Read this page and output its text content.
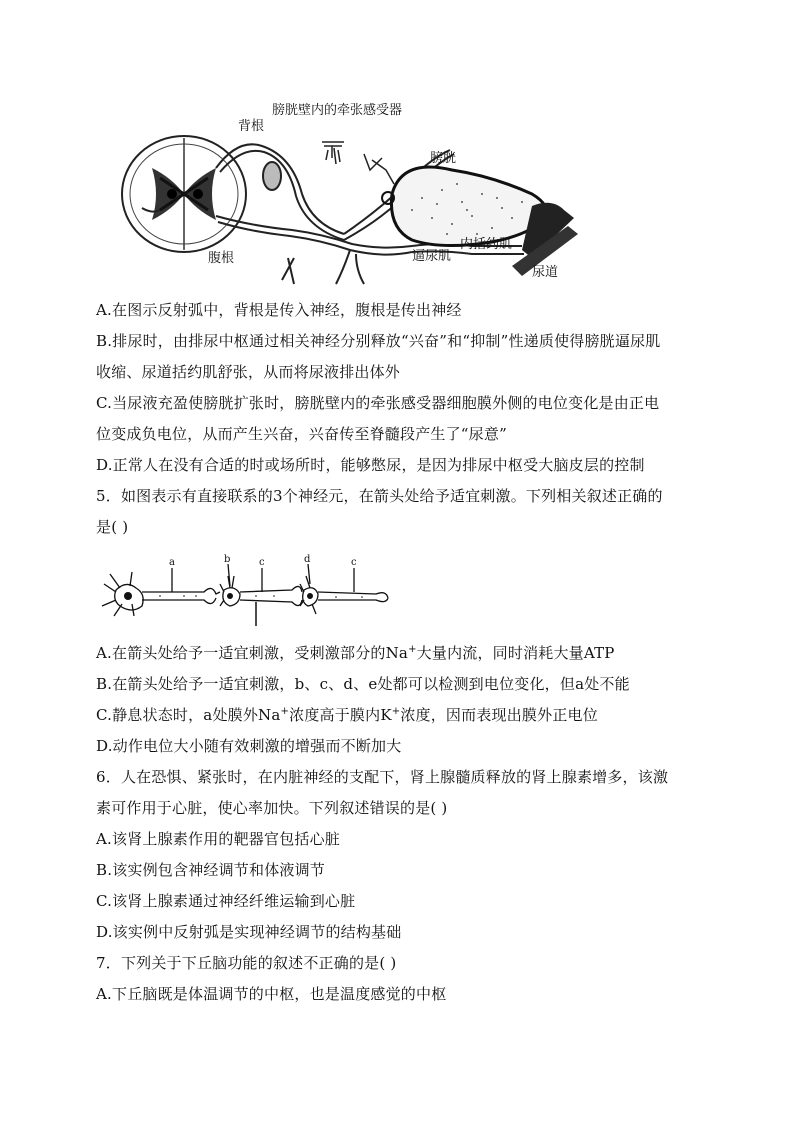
膀胱壁内的牵张感受器
背根
膀胱
腹根	逼尿肌
内括约肌
尿道
A.在图示反射弧中，背根是传入神经，腹根是传出神经
B.排尿时，由排尿中枢通过相关神经分别释放“兴奋”和“抑制”性递质使得膀胱逼尿肌
收缩、尿道括约肌舒张，从而将尿液排出体外
C.当尿液充盈使膀胱扩张时，膀胱壁内的牵张感受器细胞膜外侧的电位变化是由正电
位变成负电位，从而产生兴奋，兴奋传至脊髓段产生了“尿意”
D.正常人在没有合适的时或场所时，能够憋尿，是因为排尿中枢受大脑皮层的控制
5．如图表示有直接联系的3个神经元，在箭头处给予适宜刺激。下列相关叙述正确的
是( )
a	b	c	d	c
A.在箭头处给予一适宜刺激，受刺激部分的Na+大量内流，同时消耗大量ATP
B.在箭头处给予一适宜刺激，b、c、d、e处都可以检测到电位变化，但a处不能
C.静息状态时，a处膜外Na+浓度高于膜内K+浓度，因而表现出膜外正电位
D.动作电位大小随有效刺激的增强而不断加大
6．人在恐惧、紧张时，在内脏神经的支配下，肾上腺髓质释放的肾上腺素增多，该激
素可作用于心脏，使心率加快。下列叙述错误的是( )
A.该肾上腺素作用的靶器官包括心脏
B.该实例包含神经调节和体液调节
C.该肾上腺素通过神经纤维运输到心脏
D.该实例中反射弧是实现神经调节的结构基础
7．下列关于下丘脑功能的叙述不正确的是( )
A.下丘脑既是体温调节的中枢，也是温度感觉的中枢
